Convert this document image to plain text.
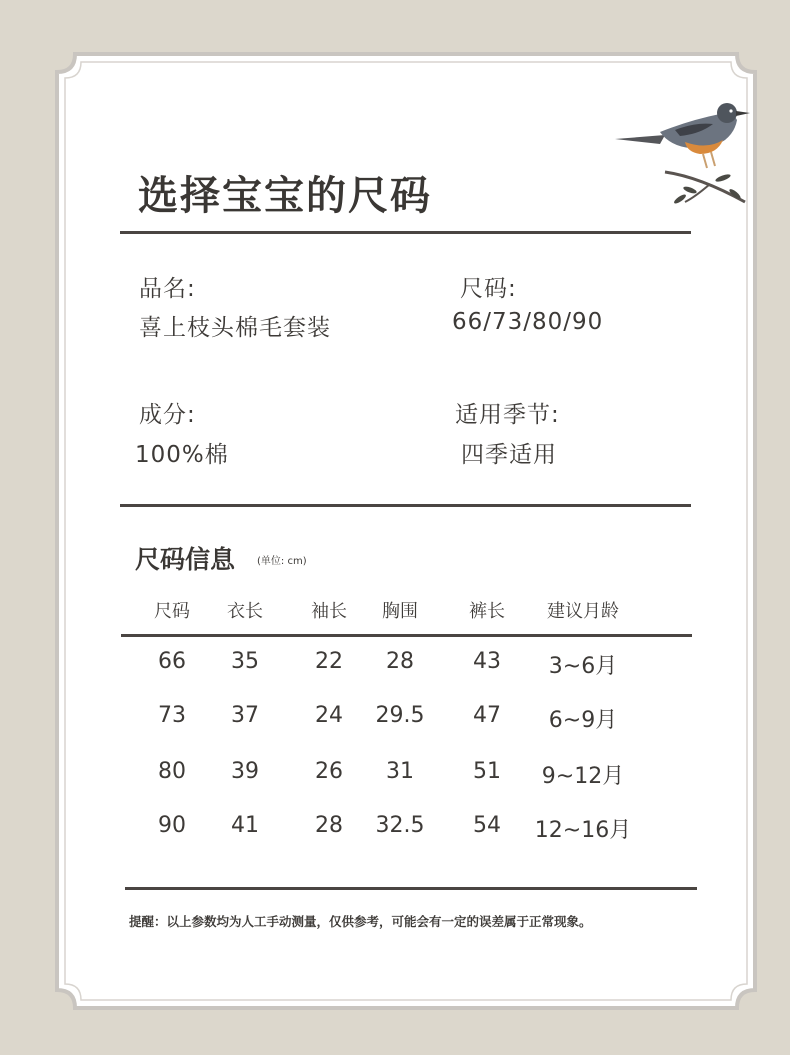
选择宝宝的尺码
品名:
喜上枝头棉毛套装
尺码:
66/73/80/90
成分:
100%棉
适用季节:
四季适用
尺码信息 (单位: cm)
尺码 衣长	袖长 胸围	裤长 建议月龄
66 35	22 28	43 3~6月
73 37	24 29.5 47 6~9月
80 39	26 31	51 9~12月
90 41	28 32.5 54 12~16月
提醒：以上参数均为人工手动测量，仅供参考，可能会有一定的误差属于正常现象。
